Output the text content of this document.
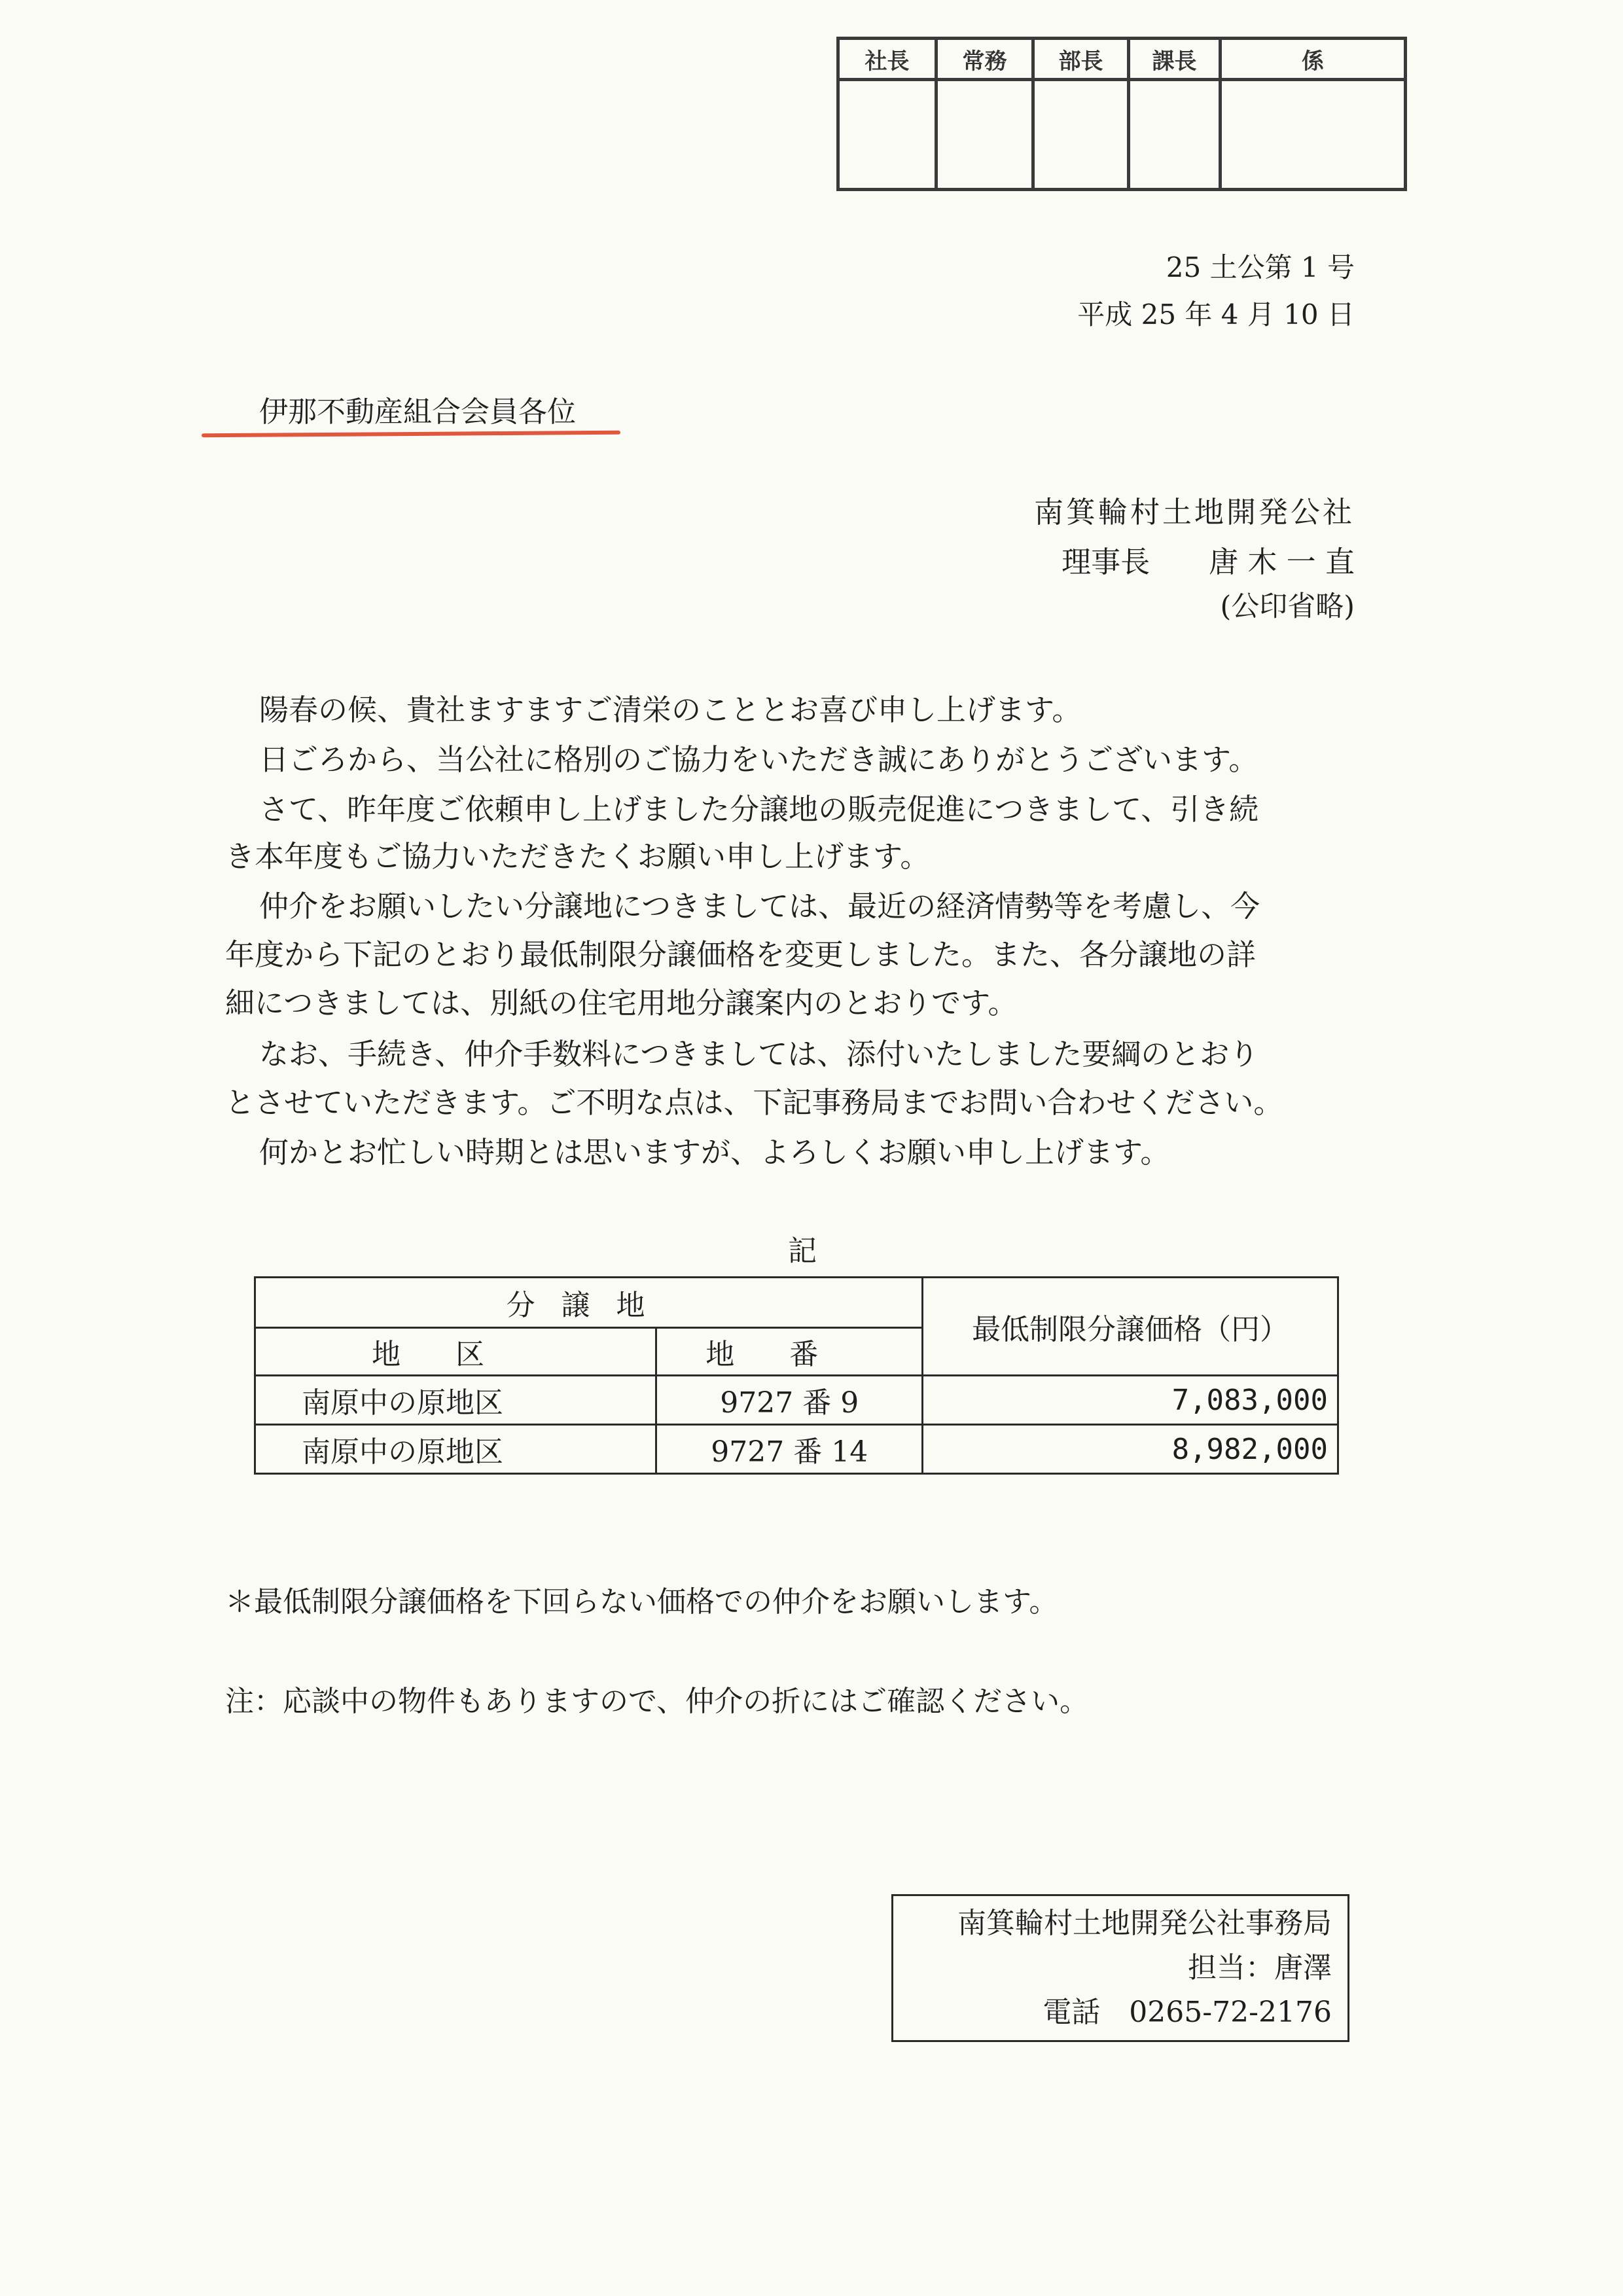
社長	常務	部長	課長	係
25 土公第 1 号
平成 25 年 4 月 10 日
伊那不動産組合会員各位
南箕輪村土地開発公社
理事長　　唐 木 一 直
(公印省略)
陽春の候、貴社ますますご清栄のこととお喜び申し上げます。
日ごろから、当公社に格別のご協力をいただき誠にありがとうございます。
さて、昨年度ご依頼申し上げました分譲地の販売促進につきまして、引き続
き本年度もご協力いただきたくお願い申し上げます。
仲介をお願いしたい分譲地につきましては、最近の経済情勢等を考慮し、今
年度から下記のとおり最低制限分譲価格を変更しました。また、各分譲地の詳
細につきましては、別紙の住宅用地分譲案内のとおりです。
なお、手続き、仲介手数料につきましては、添付いたしました要綱のとおり
とさせていただきます。ご不明な点は、下記事務局までお問い合わせください。
何かとお忙しい時期とは思いますが、よろしくお願い申し上げます。
記
分譲地		最低制限分譲価格（円）
地区	地番	
南原中の原地区	9727 番 9	7,083,000
南原中の原地区	9727 番 14	8,982,000
＊最低制限分譲価格を下回らない価格での仲介をお願いします。
注：応談中の物件もありますので、仲介の折にはご確認ください。
南箕輪村土地開発公社事務局
担当：唐澤
電話　0265-72-2176
